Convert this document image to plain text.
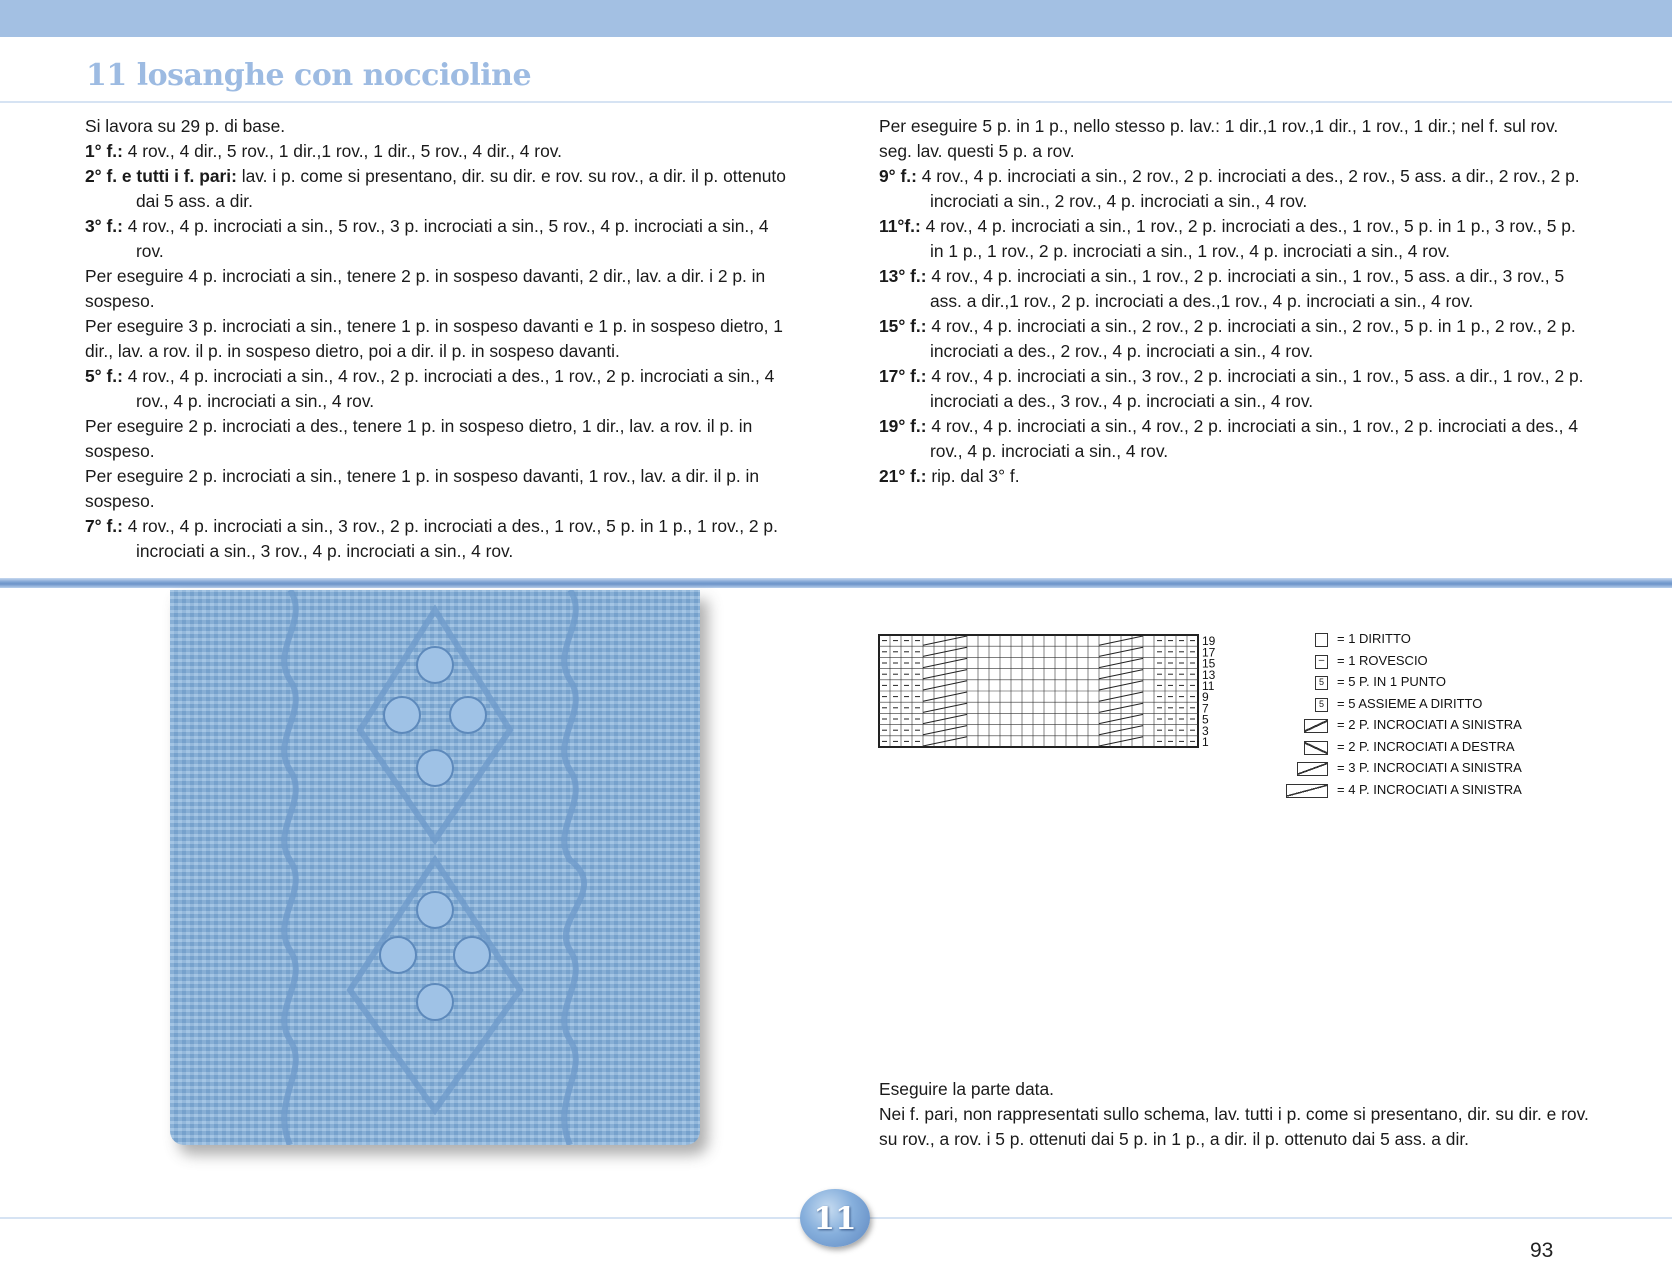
11 losanghe con noccioline

Si lavora su 29 p. di base.

1° f.: 4 rov., 4 dir., 5 rov., 1 dir.,1 rov., 1 dir., 5 rov., 4 dir., 4 rov.

2° f. e tutti i f. pari: lav. i p. come si presentano, dir. su dir. e rov. su rov., a dir. il p. ottenuto dai 5 ass. a dir.

3° f.: 4 rov., 4 p. incrociati a sin., 5 rov., 3 p. incrociati a sin., 5 rov., 4 p. incrociati a sin., 4 rov.

Per eseguire 4 p. incrociati a sin., tenere 2 p. in sospeso davanti, 2 dir., lav. a dir. i 2 p. in sospeso.

Per eseguire 3 p. incrociati a sin., tenere 1 p. in sospeso davanti e 1 p. in sospeso dietro, 1 dir., lav. a rov. il p. in sospeso dietro, poi a dir. il p. in sospeso davanti.

5° f.: 4 rov., 4 p. incrociati a sin., 4 rov., 2 p. incrociati a des., 1 rov., 2 p. incrociati a sin., 4 rov., 4 p. incrociati a sin., 4 rov.

Per eseguire 2 p. incrociati a des., tenere 1 p. in sospeso dietro, 1 dir., lav. a rov. il p. in sospeso.

Per eseguire 2 p. incrociati a sin., tenere 1 p. in sospeso davanti, 1 rov., lav. a dir. il p. in sospeso.

7° f.: 4 rov., 4 p. incrociati a sin., 3 rov., 2 p. incrociati a des., 1 rov., 5 p. in 1 p., 1 rov., 2 p. incrociati a sin., 3 rov., 4 p. incrociati a sin., 4 rov.

Per eseguire 5 p. in 1 p., nello stesso p. lav.: 1 dir.,1 rov.,1 dir., 1 rov., 1 dir.; nel f. sul rov. seg. lav. questi 5 p. a rov.

9° f.: 4 rov., 4 p. incrociati a sin., 2 rov., 2 p. incrociati a des., 2 rov., 5 ass. a dir., 2 rov., 2 p. incrociati a sin., 2 rov., 4 p. incrociati a sin., 4 rov.

11°f.: 4 rov., 4 p. incrociati a sin., 1 rov., 2 p. incrociati a des., 1 rov., 5 p. in 1 p., 3 rov., 5 p. in 1 p., 1 rov., 2 p. incrociati a sin., 1 rov., 4 p. incrociati a sin., 4 rov.

13° f.: 4 rov., 4 p. incrociati a sin., 1 rov., 2 p. incrociati a sin., 1 rov., 5 ass. a dir., 3 rov., 5 ass. a dir.,1 rov., 2 p. incrociati a des.,1 rov., 4 p. incrociati a sin., 4 rov.

15° f.: 4 rov., 4 p. incrociati a sin., 2 rov., 2 p. incrociati a sin., 2 rov., 5 p. in 1 p., 2 rov., 2 p. incrociati a des., 2 rov., 4 p. incrociati a sin., 4 rov.

17° f.: 4 rov., 4 p. incrociati a sin., 3 rov., 2 p. incrociati a sin., 1 rov., 5 ass. a dir., 1 rov., 2 p. incrociati a des., 3 rov., 4 p. incrociati a sin., 4 rov.

19° f.: 4 rov., 4 p. incrociati a sin., 4 rov., 2 p. incrociati a sin., 1 rov., 2 p. incrociati a des., 4 rov., 4 p. incrociati a sin., 4 rov.

21° f.: rip. dal 3° f.

19
17
15
13
11
9
7
5
3
1
= 1 DIRITTO
– = 1 ROVESCIO
5	= 5 P. IN 1 PUNTO
5	= 5 ASSIEME A DIRITTO
= 2 P. INCROCIATI A SINISTRA
= 2 P. INCROCIATI A DESTRA
= 3 P. INCROCIATI A SINISTRA
= 4 P. INCROCIATI A SINISTRA

Eseguire la parte data.

Nei f. pari, non rappresentati sullo schema, lav. tutti i p. come si presentano, dir. su dir. e rov. su rov., a rov. i 5 p. ottenuti dai 5 p. in 1 p., a dir. il p. ottenuto dai 5 ass. a dir.

11
93
